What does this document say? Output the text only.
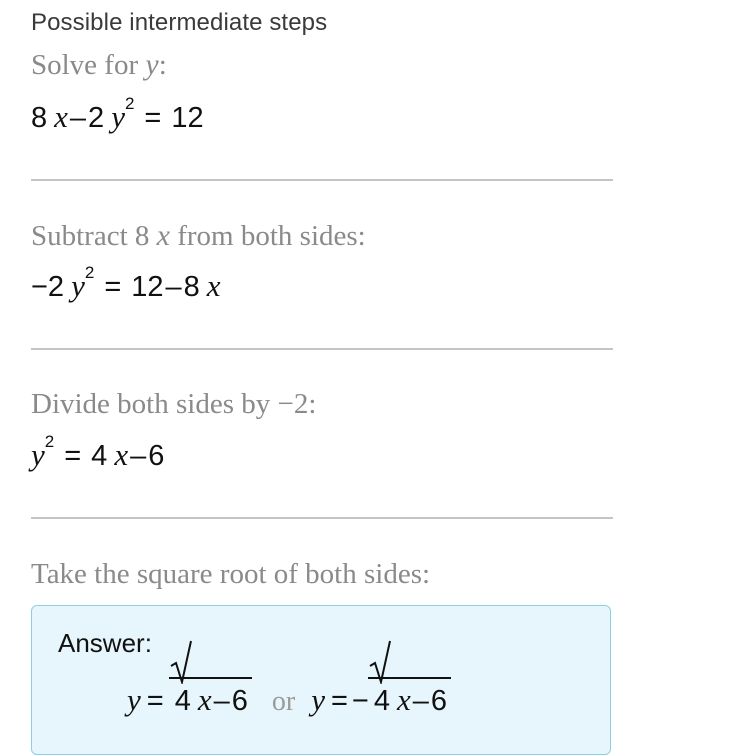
Possible intermediate steps
Solve for y:
8 x–2 $y^2 = 12$
Subtract 8 x from both sides:
−2 $y^2 = 12-8$ x
Divide both sides by −2:
$y^2 = 4$ x–6
Take the square root of both sides:
Answer:
y = 4 x–6 or y = − 4 x–6
